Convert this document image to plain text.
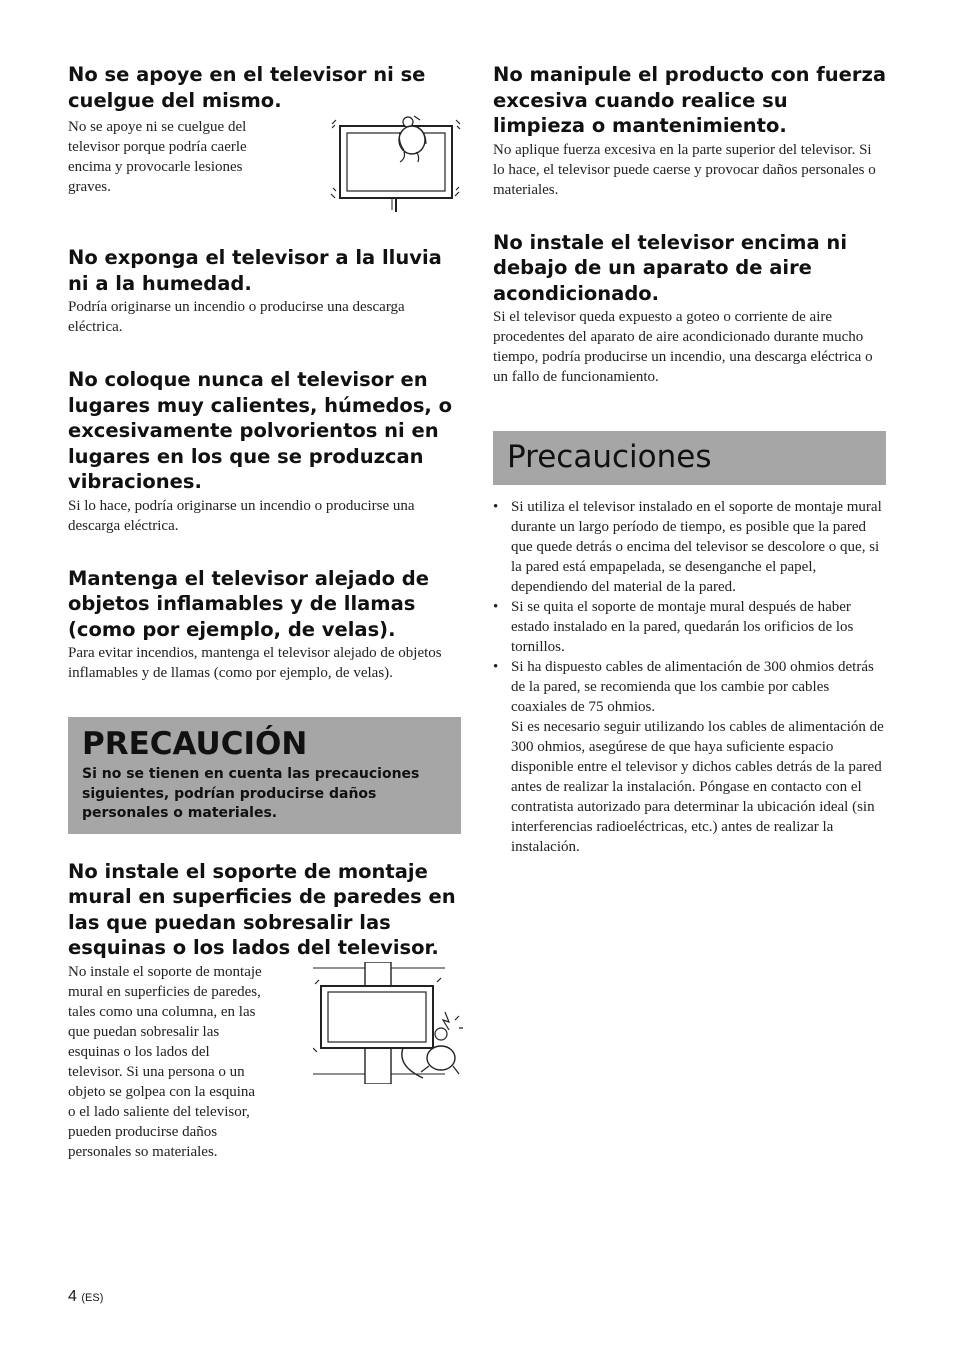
No se apoye en el televisor ni se cuelgue del mismo.

No se apoye ni se cuelgue del
televisor porque podría caerle
encima y provocarle lesiones
graves.

No exponga el televisor a la lluvia ni a la humedad.

Podría originarse un incendio o producirse una descarga eléctrica.

No coloque nunca el televisor en lugares muy calientes, húmedos, o excesivamente polvorientos ni en lugares en los que se produzcan vibraciones.

Si lo hace, podría originarse un incendio o producirse una descarga eléctrica.

Mantenga el televisor alejado de objetos inflamables y de llamas (como por ejemplo, de velas).

Para evitar incendios, mantenga el televisor alejado de objetos inflamables y de llamas (como por ejemplo, de velas).

PRECAUCIÓN

Si no se tienen en cuenta las precauciones siguientes, podrían producirse daños personales o materiales.

No instale el soporte de montaje mural en superficies de paredes en las que puedan sobresalir las esquinas o los lados del televisor.

No instale el soporte de montaje
mural en superficies de paredes,
tales como una columna, en las
que puedan sobresalir las
esquinas o los lados del
televisor. Si una persona o un
objeto se golpea con la esquina
o el lado saliente del televisor,
pueden producirse daños
personales so materiales.

No manipule el producto con fuerza excesiva cuando realice su limpieza o mantenimiento.

No aplique fuerza excesiva en la parte superior del televisor. Si lo hace, el televisor puede caerse y provocar daños personales o materiales.

No instale el televisor encima ni debajo de un aparato de aire acondicionado.

Si el televisor queda expuesto a goteo o corriente de aire procedentes del aparato de aire acondicionado durante mucho tiempo, podría producirse un incendio, una descarga eléctrica o un fallo de funcionamiento.

Precauciones
• Si utiliza el televisor instalado en el soporte de montaje mural durante un largo período de tiempo, es posible que la pared que quede detrás o encima del televisor se descolore o que, si la pared está empapelada, se desenganche el papel, dependiendo del material de la pared.
• Si se quita el soporte de montaje mural después de haber estado instalado en la pared, quedarán los orificios de los tornillos.
• Si ha dispuesto cables de alimentación de 300 ohmios detrás de la pared, se recomienda que los cambie por cables coaxiales de 75 ohmios.
Si es necesario seguir utilizando los cables de alimentación de 300 ohmios, asegúrese de que haya suficiente espacio disponible entre el televisor y dichos cables detrás de la pared antes de realizar la instalación. Póngase en contacto con el contratista autorizado para determinar la ubicación ideal (sin interferencias radioeléctricas, etc.) antes de realizar la instalación.
4 (ES)
